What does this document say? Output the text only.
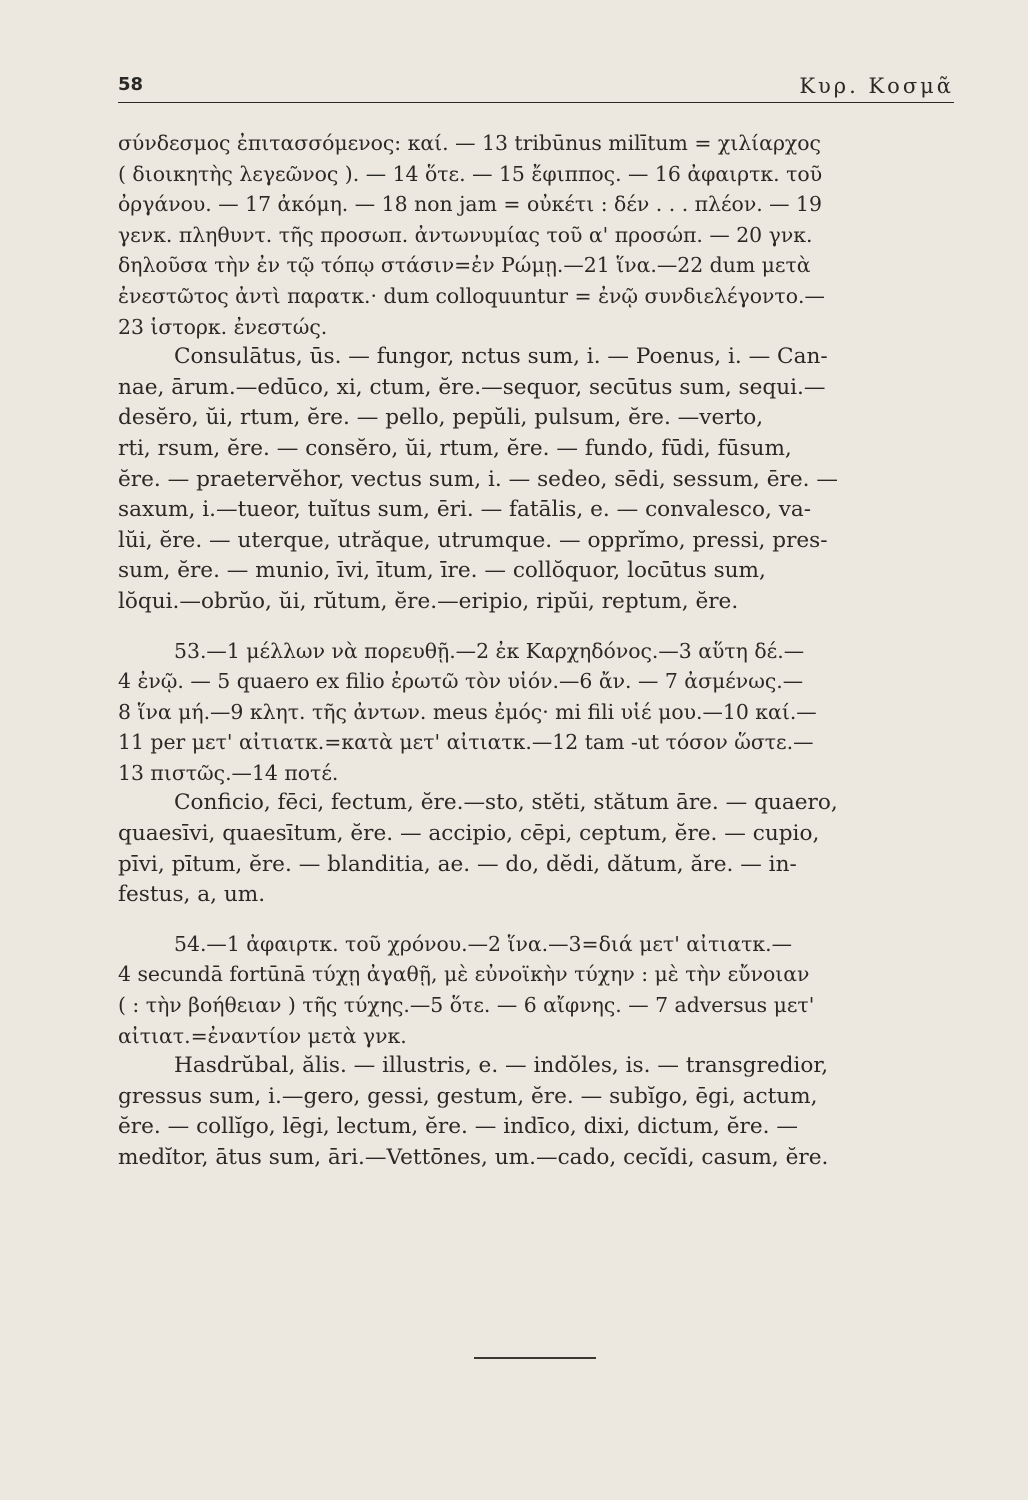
58	Κυρ. Κοσμᾶ
σύνδεσμος ἐπιτασσόμενος: καί. — 13 tribūnus milītum = χιλίαρχος
( διοικητὴς λεγεῶνος ). — 14 ὅτε. — 15 ἔφιππος. — 16 ἀφαιρτκ. τοῦ
ὀργάνου. — 17 ἀκόμη. — 18 non jam = οὐκέτι : δέν . . . πλέον. — 19
γενκ. πληθυντ. τῆς προσωπ. ἀντωνυμίας τοῦ α' προσώπ. — 20 γνκ.
δηλοῦσα τὴν ἐν τῷ τόπῳ στάσιν=ἐν Ρώμῃ.—21 ἵνα.—22 dum μετὰ
ἐνεστῶτος ἀντὶ παρατκ.· dum colloquuntur = ἐνῷ συνδιελέγοντο.—
23 ἱστορκ. ἐνεστώς.
Consulātus, ūs. — fungor, nctus sum, i. — Poenus, i. — Can-
nae, ārum.—edūco, xi, ctum, ĕre.—sequor, secūtus sum, sequi.—
desĕro, ŭi, rtum, ĕre. — pello, pepŭli, pulsum, ĕre. —verto,
rti, rsum, ĕre. — consĕro, ŭi, rtum, ĕre. — fundo, fūdi, fūsum,
ĕre. — praetervĕhor, vectus sum, i. — sedeo, sēdi, sessum, ēre. —
saxum, i.—tueor, tuĭtus sum, ēri. — fatālis, e. — convalesco, va-
lŭi, ĕre. — uterque, utrăque, utrumque. — opprĭmo, pressi, pres-
sum, ĕre. — munio, īvi, ītum, īre. — collŏquor, locūtus sum,
lŏqui.—obrŭo, ŭi, rŭtum, ĕre.—eripio, ripŭi, reptum, ĕre.
53.—1 μέλλων νὰ πορευθῇ.—2 ἐκ Καρχηδόνος.—3 αὕτη δέ.—
4 ἐνῷ. — 5 quaero ex filio ἐρωτῶ τὸν υἱόν.—6 ἄν. — 7 ἀσμένως.—
8 ἵνα μή.—9 κλητ. τῆς ἀντων. meus ἐμός· mi fili υἱέ μου.—10 καί.—
11 per μετ' αἰτιατκ.=κατὰ μετ' αἰτιατκ.—12 tam -ut τόσον ὥστε.—
13 πιστῶς.—14 ποτέ.
Conficio, fēci, fectum, ĕre.—sto, stĕti, stătum āre. — quaero,
quaesīvi, quaesītum, ĕre. — accipio, cēpi, ceptum, ĕre. — cupio,
pīvi, pītum, ĕre. — blanditia, ae. — do, dĕdi, dătum, ăre. — in-
festus, a, um.
54.—1 ἀφαιρτκ. τοῦ χρόνου.—2 ἵνα.—3=διά μετ' αἰτιατκ.—
4 secundā fortūnā τύχῃ ἀγαθῇ, μὲ εὐνοϊκὴν τύχην : μὲ τὴν εὔνοιαν
( : τὴν βοήθειαν ) τῆς τύχης.—5 ὅτε. — 6 αἴφνης. — 7 adversus μετ'
αἰτιατ.=ἐναντίον μετὰ γνκ.
Hasdrŭbal, ălis. — illustris, e. — indŏles, is. — transgredior,
gressus sum, i.—gero, gessi, gestum, ĕre. — subĭgo, ēgi, actum,
ĕre. — collĭgo, lēgi, lectum, ĕre. — indīco, dixi, dictum, ĕre. —
medĭtor, ātus sum, āri.—Vettōnes, um.—cado, cecĭdi, casum, ĕre.
